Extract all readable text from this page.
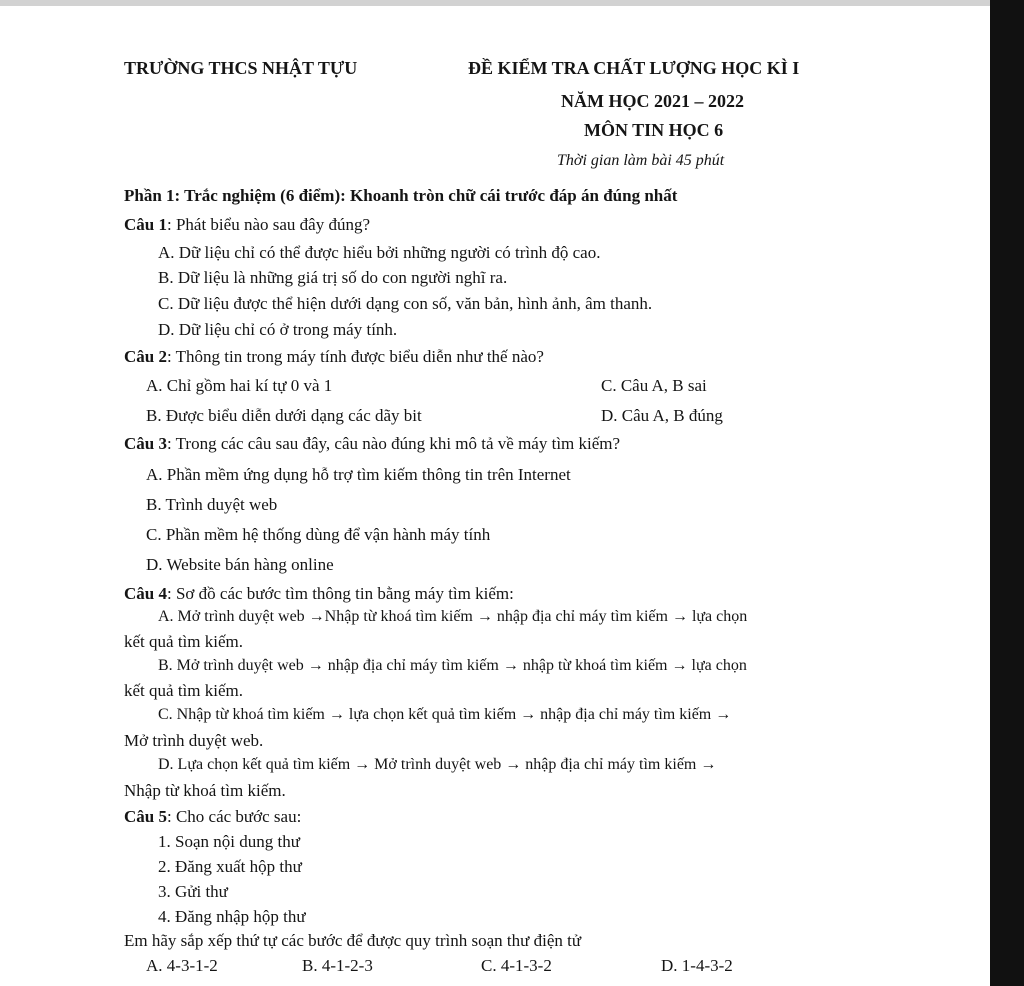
TRƯỜNG THCS NHẬT TỰU	ĐỀ KIỂM TRA CHẤT LƯỢNG HỌC KÌ I
NĂM HỌC 2021 – 2022
MÔN TIN HỌC 6
Thời gian làm bài 45 phút
Phần 1: Trắc nghiệm (6 điểm): Khoanh tròn chữ cái trước đáp án đúng nhất
Câu 1: Phát biểu nào sau đây đúng?
A. Dữ liệu chỉ có thể được hiểu bởi những người có trình độ cao.
B. Dữ liệu là những giá trị số do con người nghĩ ra.
C. Dữ liệu được thể hiện dưới dạng con số, văn bản, hình ảnh, âm thanh.
D. Dữ liệu chỉ có ở trong máy tính.
Câu 2: Thông tin trong máy tính được biểu diễn như thế nào?
A. Chỉ gồm hai kí tự 0 và 1	C. Câu A, B sai
B. Được biểu diễn dưới dạng các dãy bit	D. Câu A, B đúng
Câu 3: Trong các câu sau đây, câu nào đúng khi mô tả về máy tìm kiếm?
A. Phần mềm ứng dụng hỗ trợ tìm kiếm thông tin trên Internet
B. Trình duyệt web
C. Phần mềm hệ thống dùng để vận hành máy tính
D. Website bán hàng online
Câu 4: Sơ đồ các bước tìm thông tin bằng máy tìm kiếm:
A. Mở trình duyệt web →Nhập từ khoá tìm kiếm → nhập địa chỉ máy tìm kiếm → lựa chọn
kết quả tìm kiếm.
B. Mở trình duyệt web → nhập địa chỉ máy tìm kiếm → nhập từ khoá tìm kiếm → lựa chọn
kết quả tìm kiếm.
C. Nhập từ khoá tìm kiếm → lựa chọn kết quả tìm kiếm → nhập địa chỉ máy tìm kiếm →
Mở trình duyệt web.
D. Lựa chọn kết quả tìm kiếm → Mở trình duyệt web → nhập địa chỉ máy tìm kiếm →
Nhập từ khoá tìm kiếm.
Câu 5: Cho các bước sau:
1. Soạn nội dung thư
2. Đăng xuất hộp thư
3. Gửi thư
4. Đăng nhập hộp thư
Em hãy sắp xếp thứ tự các bước để được quy trình soạn thư điện tử
A. 4-3-1-2	B. 4-1-2-3	C. 4-1-3-2	D. 1-4-3-2
